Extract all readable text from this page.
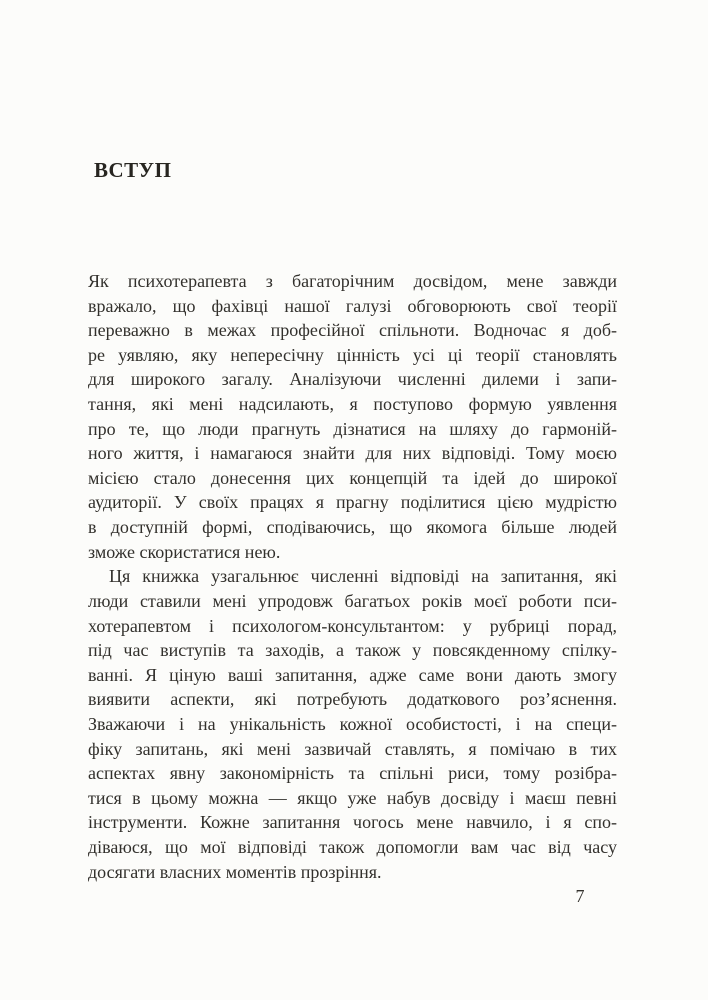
ВСТУП
Як психотерапевта з багаторічним досвідом, мене завжди
вражало, що фахівці нашої галузі обговорюють свої теорії
переважно в межах професійної спільноти. Водночас я доб-
ре уявляю, яку непересічну цінність усі ці теорії становлять
для широкого загалу. Аналізуючи численні дилеми і запи-
тання, які мені надсилають, я поступово формую уявлення
про те, що люди прагнуть дізнатися на шляху до гармоній-
ного життя, і намагаюся знайти для них відповіді. Тому моєю
місією стало донесення цих концепцій та ідей до широкої
аудиторії. У своїх працях я прагну поділитися цією мудрістю
в доступній формі, сподіваючись, що якомога більше людей
зможе скористатися нею.
Ця книжка узагальнює численні відповіді на запитання, які
люди ставили мені упродовж багатьох років моєї роботи пси-
хотерапевтом і психологом-консультантом: у рубриці порад,
під час виступів та заходів, а також у повсякденному спілку-
ванні. Я ціную ваші запитання, адже саме вони дають змогу
виявити аспекти, які потребують додаткового роз’яснення.
Зважаючи і на унікальність кожної особистості, і на специ-
фіку запитань, які мені зазвичай ставлять, я помічаю в тих
аспектах явну закономірність та спільні риси, тому розібра-
тися в цьому можна — якщо уже набув досвіду і маєш певні
інструменти. Кожне запитання чогось мене навчило, і я спо-
діваюся, що мої відповіді також допомогли вам час від часу
досягати власних моментів прозріння.
7
